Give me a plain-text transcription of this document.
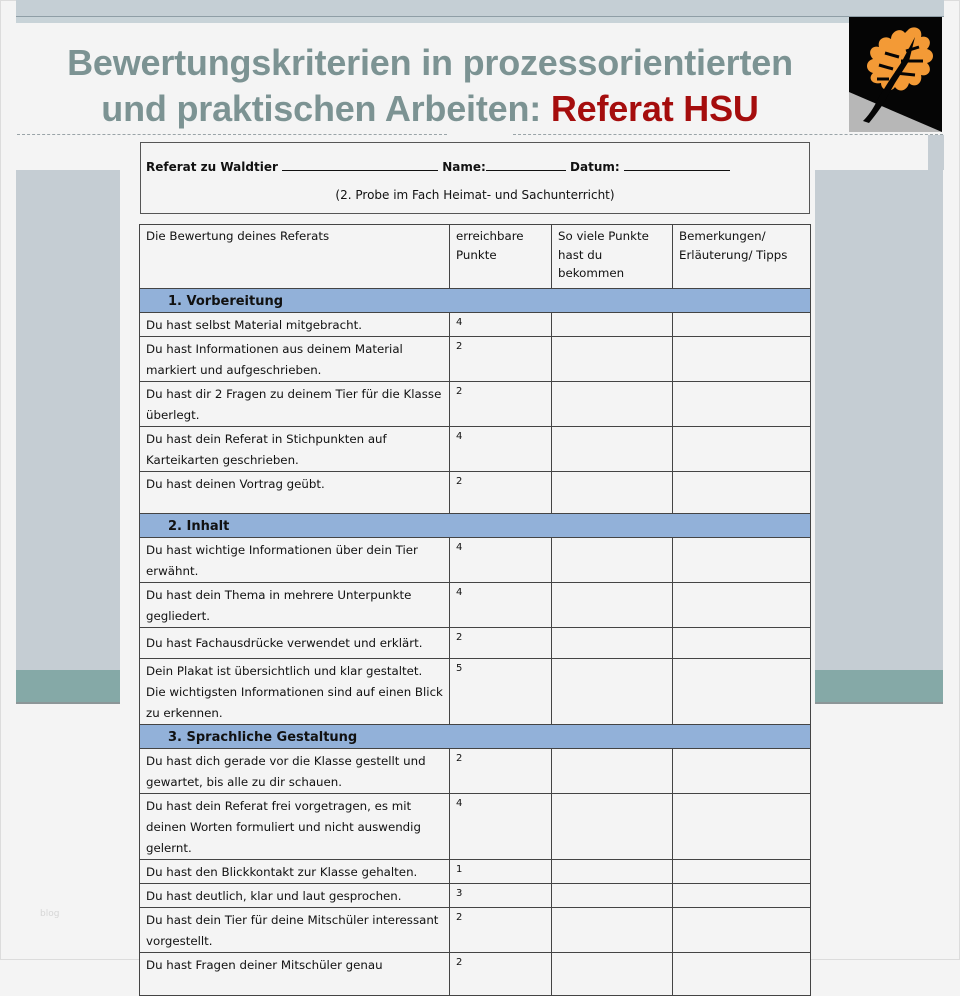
Bewertungskriterien in prozessorientierten
und praktischen Arbeiten: Referat HSU
blog
Referat zu Waldtier	Name:	Datum:
(2. Probe im Fach Heimat- und Sachunterricht)
Die Bewertung deines Referats	erreichbare Punkte	So viele Punkte hast du bekommen	Bemerkungen/ Erläuterung/ Tipps
1. Vorbereitung			
Du hast selbst Material mitgebracht.	4		
Du hast Informationen aus deinem Material markiert und aufgeschrieben.	2		
Du hast dir 2 Fragen zu deinem Tier für die Klasse überlegt.	2		
Du hast dein Referat in Stichpunkten auf Karteikarten geschrieben.	4		
Du hast deinen Vortrag geübt.	2		
2. Inhalt			
Du hast wichtige Informationen über dein Tier erwähnt.	4		
Du hast dein Thema in mehrere Unterpunkte gegliedert.	4		
Du hast Fachausdrücke verwendet und erklärt.	2		
Dein Plakat ist übersichtlich und klar gestaltet. Die wichtigsten Informationen sind auf einen Blick zu erkennen.	5		
3. Sprachliche Gestaltung			
Du hast dich gerade vor die Klasse gestellt und gewartet, bis alle zu dir schauen.	2		
Du hast dein Referat frei vorgetragen, es mit deinen Worten formuliert und nicht auswendig gelernt.	4		
Du hast den Blickkontakt zur Klasse gehalten.	1		
Du hast deutlich, klar und laut gesprochen.	3		
Du hast dein Tier für deine Mitschüler interessant vorgestellt.	2		
Du hast Fragen deiner Mitschüler genau	2		
